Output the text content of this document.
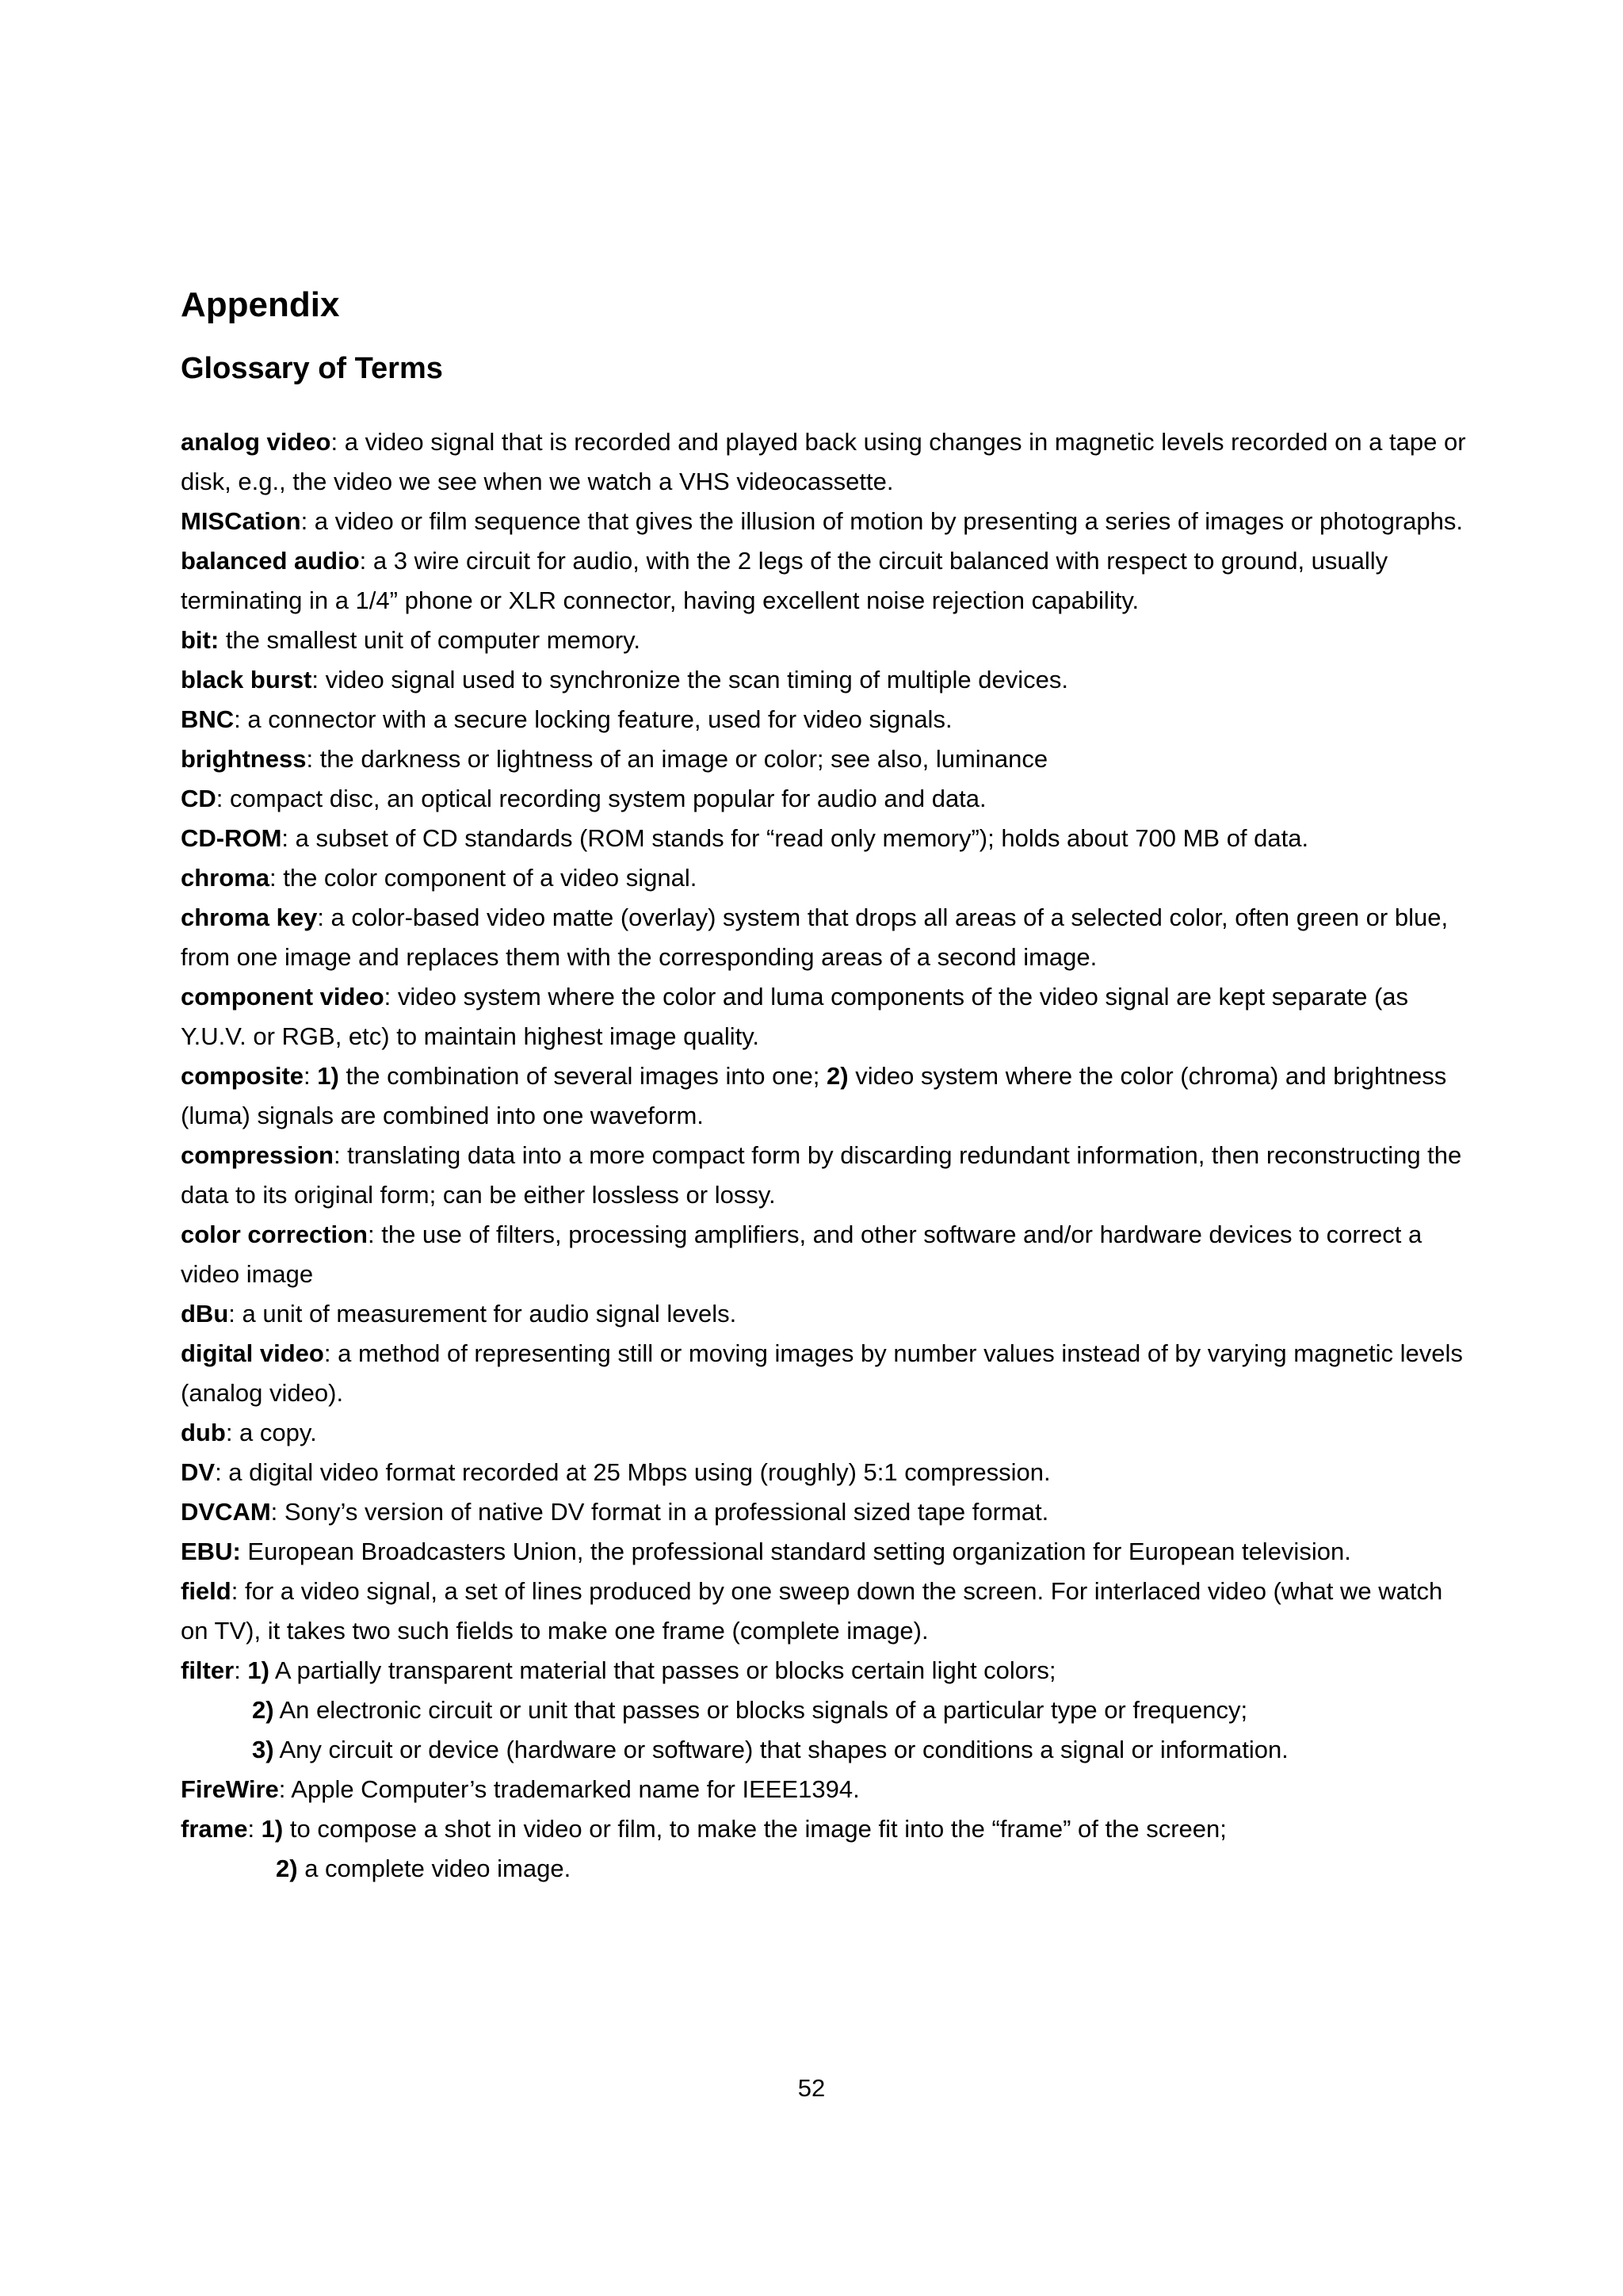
Appendix
Glossary of Terms

analog video: a video signal that is recorded and played back using changes in magnetic levels recorded on a tape or disk, e.g., the video we see when we watch a VHS videocassette.

MISCation: a video or film sequence that gives the illusion of motion by presenting a series of images or photographs.

balanced audio: a 3 wire circuit for audio, with the 2 legs of the circuit balanced with respect to ground, usually terminating in a 1/4” phone or XLR connector, having excellent noise rejection capability.

bit: the smallest unit of computer memory.

black burst: video signal used to synchronize the scan timing of multiple devices.

BNC: a connector with a secure locking feature, used for video signals.

brightness: the darkness or lightness of an image or color; see also, luminance

CD: compact disc, an optical recording system popular for audio and data.

CD-ROM: a subset of CD standards (ROM stands for “read only memory”); holds about 700 MB of data.

chroma: the color component of a video signal.

chroma key: a color-based video matte (overlay) system that drops all areas of a selected color, often green or blue, from one image and replaces them with the corresponding areas of a second image.

component video: video system where the color and luma components of the video signal are kept separate (as Y.U.V. or RGB, etc) to maintain highest image quality.

composite: 1) the combination of several images into one; 2) video system where the color (chroma) and brightness (luma) signals are combined into one waveform.

compression: translating data into a more compact form by discarding redundant information, then reconstructing the data to its original form; can be either lossless or lossy.

color correction: the use of filters, processing amplifiers, and other software and/or hardware devices to correct a video image

dBu: a unit of measurement for audio signal levels.

digital video: a method of representing still or moving images by number values instead of by varying magnetic levels (analog video).

dub: a copy.

DV: a digital video format recorded at 25 Mbps using (roughly) 5:1 compression.

DVCAM: Sony’s version of native DV format in a professional sized tape format.

EBU: European Broadcasters Union, the professional standard setting organization for European television.

field: for a video signal, a set of lines produced by one sweep down the screen. For interlaced video (what we watch on TV), it takes two such fields to make one frame (complete image).

filter: 1) A partially transparent material that passes or blocks certain light colors;
2) An electronic circuit or unit that passes or blocks signals of a particular type or frequency;
3) Any circuit or device (hardware or software) that shapes or conditions a signal or information.

FireWire: Apple Computer’s trademarked name for IEEE1394.

frame: 1) to compose a shot in video or film, to make the image fit into the “frame” of the screen;
2) a complete video image.

52
